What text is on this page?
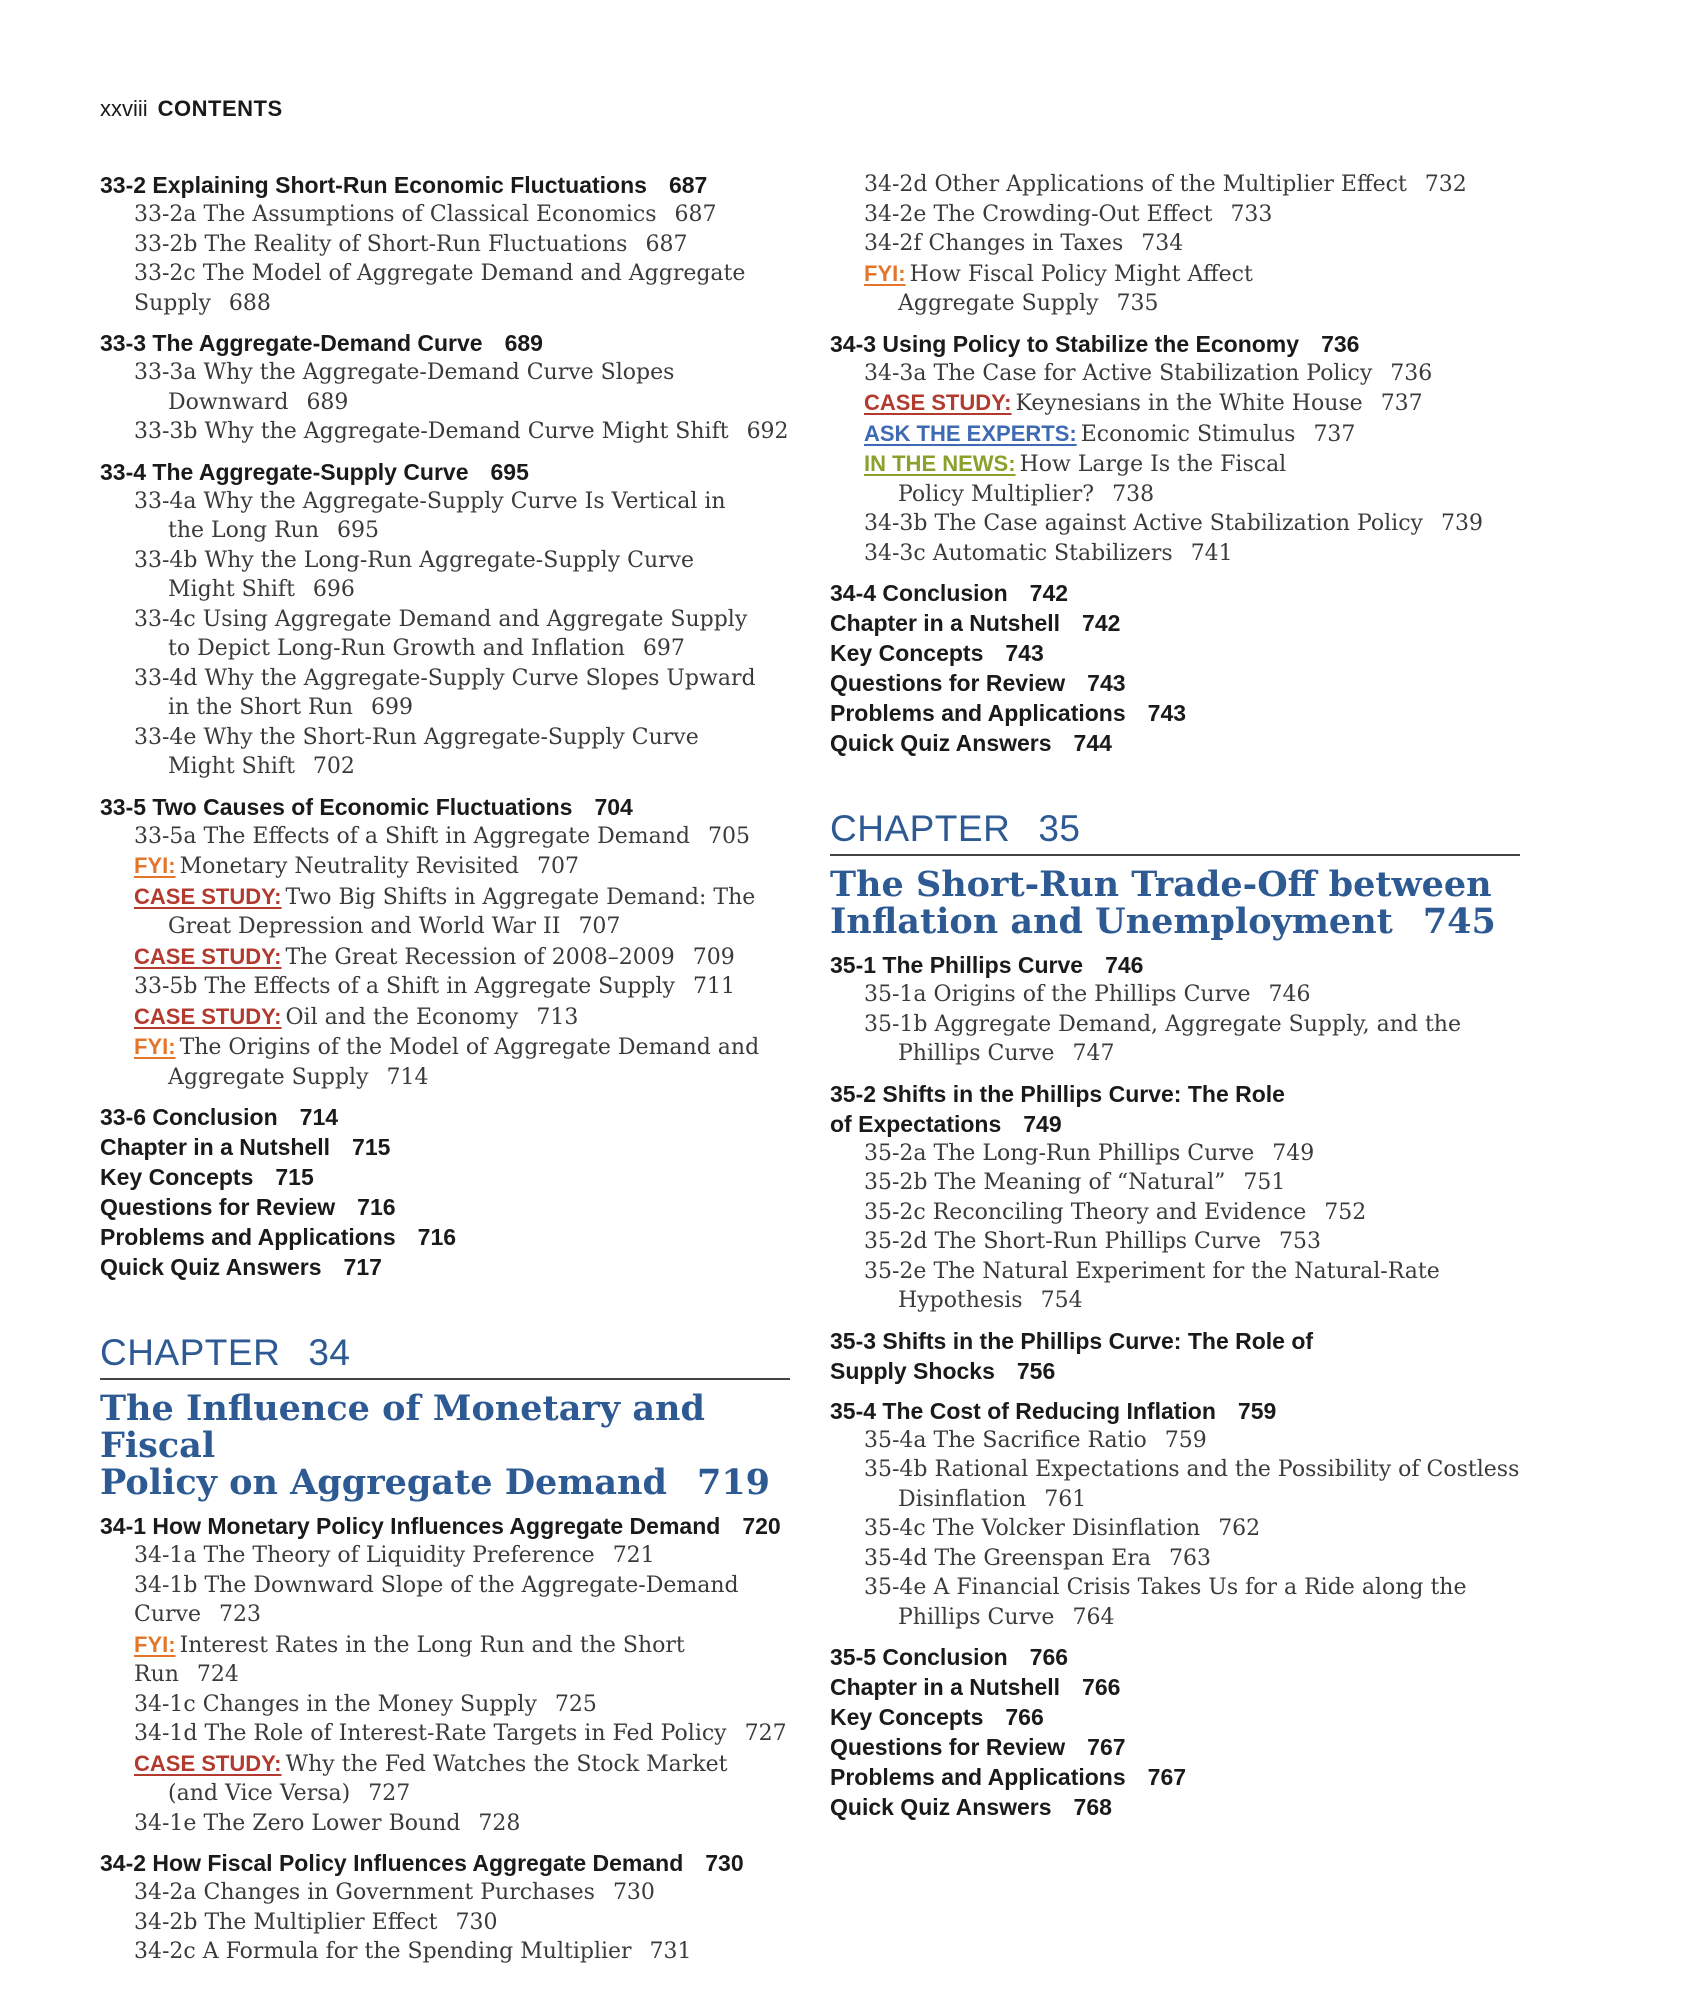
xxviii CONTENTS
33-2 Explaining Short-Run Economic Fluctuations 687
33-2a The Assumptions of Classical Economics 687
33-2b The Reality of Short-Run Fluctuations 687
33-2c The Model of Aggregate Demand and Aggregate Supply 688
33-3 The Aggregate-Demand Curve 689
33-3a Why the Aggregate-Demand Curve Slopes
Downward 689
33-3b Why the Aggregate-Demand Curve Might Shift 692
33-4 The Aggregate-Supply Curve 695
33-4a Why the Aggregate-Supply Curve Is Vertical in
the Long Run 695
33-4b Why the Long-Run Aggregate-Supply Curve
Might Shift 696
33-4c Using Aggregate Demand and Aggregate Supply
to Depict Long-Run Growth and Inflation 697
33-4d Why the Aggregate-Supply Curve Slopes Upward
in the Short Run 699
33-4e Why the Short-Run Aggregate-Supply Curve
Might Shift 702
33-5 Two Causes of Economic Fluctuations 704
33-5a The Effects of a Shift in Aggregate Demand 705
FYI: Monetary Neutrality Revisited 707
CASE STUDY: Two Big Shifts in Aggregate Demand: The
Great Depression and World War II 707
CASE STUDY: The Great Recession of 2008–2009 709
33-5b The Effects of a Shift in Aggregate Supply 711
CASE STUDY: Oil and the Economy 713
FYI: The Origins of the Model of Aggregate Demand and
Aggregate Supply 714
33-6 Conclusion 714
Chapter in a Nutshell 715
Key Concepts 715
Questions for Review 716
Problems and Applications 716
Quick Quiz Answers 717
CHAPTER 34
The Influence of Monetary and Fiscal
Policy on Aggregate Demand 719
34-1 How Monetary Policy Influences Aggregate Demand 720
34-1a The Theory of Liquidity Preference 721
34-1b The Downward Slope of the Aggregate-Demand Curve 723
FYI: Interest Rates in the Long Run and the Short Run 724
34-1c Changes in the Money Supply 725
34-1d The Role of Interest-Rate Targets in Fed Policy 727
CASE STUDY: Why the Fed Watches the Stock Market
(and Vice Versa) 727
34-1e The Zero Lower Bound 728
34-2 How Fiscal Policy Influences Aggregate Demand 730
34-2a Changes in Government Purchases 730
34-2b The Multiplier Effect 730
34-2c A Formula for the Spending Multiplier 731
34-2d Other Applications of the Multiplier Effect 732
34-2e The Crowding-Out Effect 733
34-2f Changes in Taxes 734
FYI: How Fiscal Policy Might Affect
Aggregate Supply 735
34-3 Using Policy to Stabilize the Economy 736
34-3a The Case for Active Stabilization Policy 736
CASE STUDY: Keynesians in the White House 737
ASK THE EXPERTS: Economic Stimulus 737
IN THE NEWS: How Large Is the Fiscal
Policy Multiplier? 738
34-3b The Case against Active Stabilization Policy 739
34-3c Automatic Stabilizers 741
34-4 Conclusion 742
Chapter in a Nutshell 742
Key Concepts 743
Questions for Review 743
Problems and Applications 743
Quick Quiz Answers 744
CHAPTER 35
The Short-Run Trade-Off between
Inflation and Unemployment 745
35-1 The Phillips Curve 746
35-1a Origins of the Phillips Curve 746
35-1b Aggregate Demand, Aggregate Supply, and the
Phillips Curve 747
35-2 Shifts in the Phillips Curve: The Role
of Expectations 749
35-2a The Long-Run Phillips Curve 749
35-2b The Meaning of “Natural” 751
35-2c Reconciling Theory and Evidence 752
35-2d The Short-Run Phillips Curve 753
35-2e The Natural Experiment for the Natural-Rate
Hypothesis 754
35-3 Shifts in the Phillips Curve: The Role of
Supply Shocks 756
35-4 The Cost of Reducing Inflation 759
35-4a The Sacrifice Ratio 759
35-4b Rational Expectations and the Possibility of Costless
Disinflation 761
35-4c The Volcker Disinflation 762
35-4d The Greenspan Era 763
35-4e A Financial Crisis Takes Us for a Ride along the
Phillips Curve 764
35-5 Conclusion 766
Chapter in a Nutshell 766
Key Concepts 766
Questions for Review 767
Problems and Applications 767
Quick Quiz Answers 768
